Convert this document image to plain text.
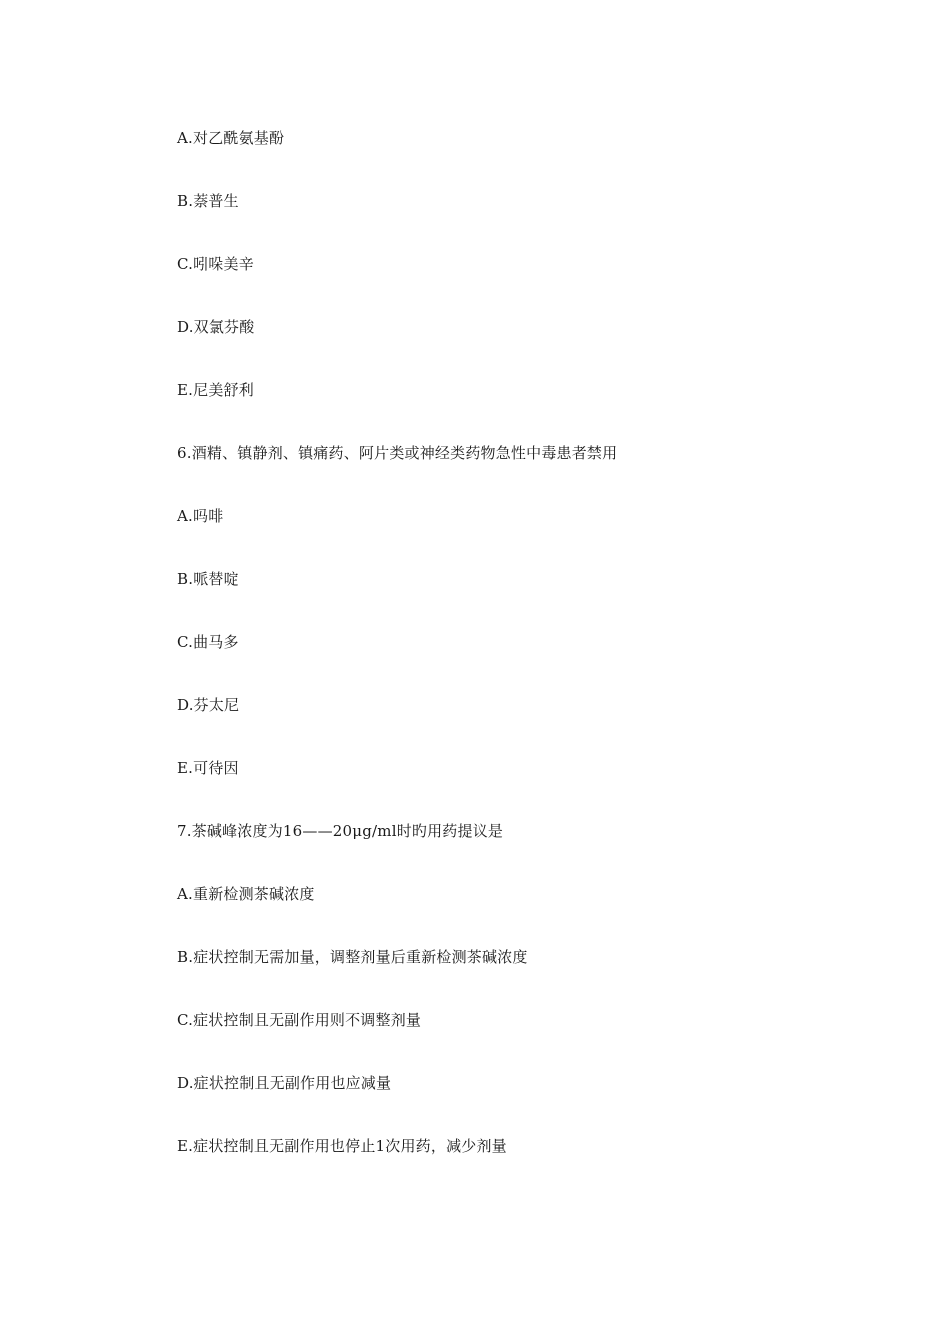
A.对乙酰氨基酚
B.萘普生
C.吲哚美辛
D.双氯芬酸
E.尼美舒利
6.酒精、镇静剂、镇痛药、阿片类或神经类药物急性中毒患者禁用
A.吗啡
B.哌替啶
C.曲马多
D.芬太尼
E.可待因
7.茶碱峰浓度为16——20μg/ml时旳用药提议是
A.重新检测茶碱浓度
B.症状控制无需加量，调整剂量后重新检测茶碱浓度
C.症状控制且无副作用则不调整剂量
D.症状控制且无副作用也应减量
E.症状控制且无副作用也停止1次用药，减少剂量
